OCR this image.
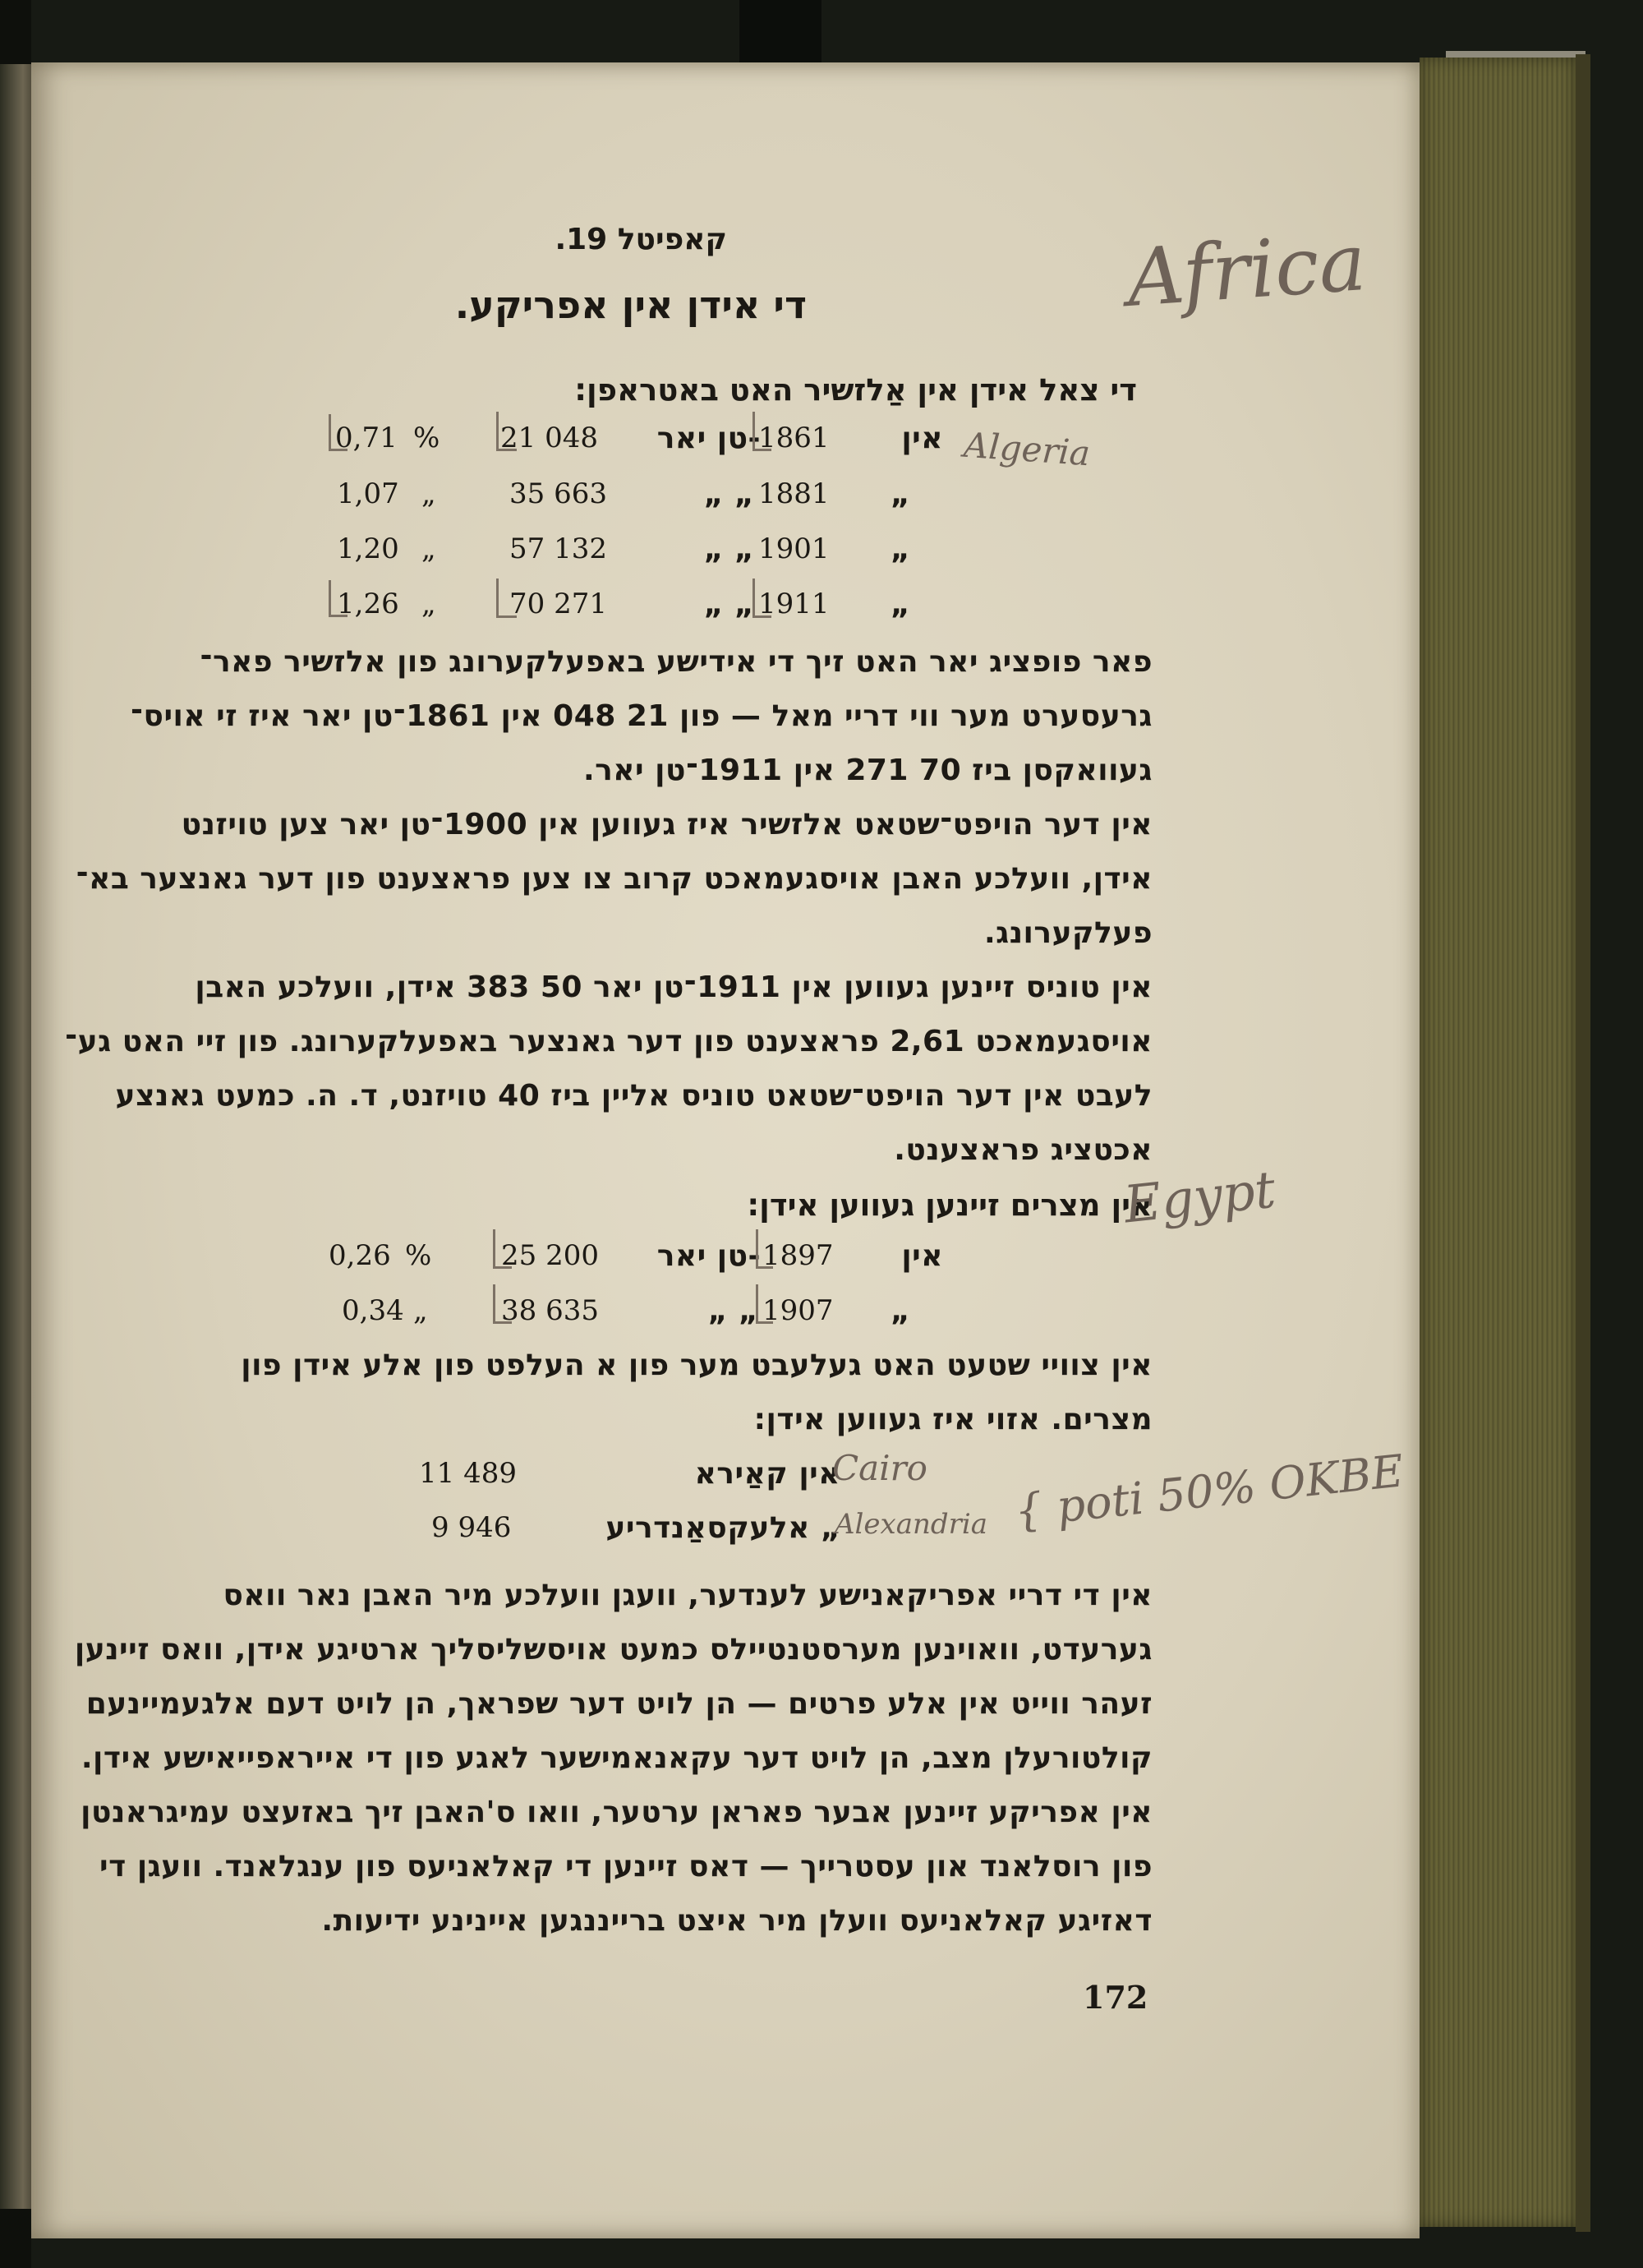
קאפיטל 19.
די אידן אין אפריקע.
די צאל אידן אין אַלזשיר האט באטראפן:
אין
1861
-טן יאר
21 048
%
0,71
„
1881
„ „
35 663
„
1,07
„
1901
„ „
57 132
„
1,20
„
1911
„ „
70 271
„
1,26
פאר פופציג יאר האט זיך די אידישע באפעלקערונג פון אלזשיר פאר־
גרעסערט מער ווי דריי מאל — פון 21 048 אין 1861־טן יאר איז זי אויס־
געוואקסן ביז 70 271 אין 1911־טן יאר.
אין דער הויפט־שטאט אלזשיר איז געווען אין 1900־טן יאר צען טויזנט
אידן, וועלכע האבן אויסגעמאכט קרוב צו צען פראצענט פון דער גאנצער בא־
פעלקערונג.
אין טוניס זיינען געווען אין 1911־טן יאר 50 383 אידן, וועלכע האבן
אויסגעמאכט 2,61 פראצענט פון דער גאנצער באפעלקערונג. פון זיי האט גע־
לעבט אין דער הויפט־שטאט טוניס אליין ביז 40 טויזנט, ד. ה. כמעט גאנצע
אכטציג פראצענט.
אין מצרים זיינען געווען אידן:
אין
1897
-טן יאר
25 200
%
0,26
„
1907
„ „
38 635
„
0,34
אין צוויי שטעט האט געלעבט מער פון א העלפט פון אלע אידן פון
מצרים. אזוי איז געווען אידן:
אין קאַירא
11 489
„ אלעקסאַנדריע
9 946
אין די דריי אפריקאנישע לענדער, וועגן וועלכע מיר האבן נאר וואס
גערעדט, וואוינען מערסטנטיילס כמעט אויסשליסליך ארטיגע אידן, וואס זיינען
זעהר ווייט אין אלע פרטים — הן לויט דער שפראך, הן לויט דעם אלגעמיינעם
קולטורעלן מצב, הן לויט דער עקאנאמישער לאגע פון די אייראפייאישע אידן.
אין אפריקע זיינען אבער פאראן ערטער, וואו ס'האבן זיך באזעצט עמיגראנטן
פון רוסלאנד און עסטרייך — דאס זיינען די קאלאניעס פון ענגלאנד. וועגן די
דאזיגע קאלאניעס וועלן מיר איצט ברייננגען איינינע ידיעות.
172
Africa
Algeria
Egypt
Cairo
Alexandria { poti 50% OKBE
